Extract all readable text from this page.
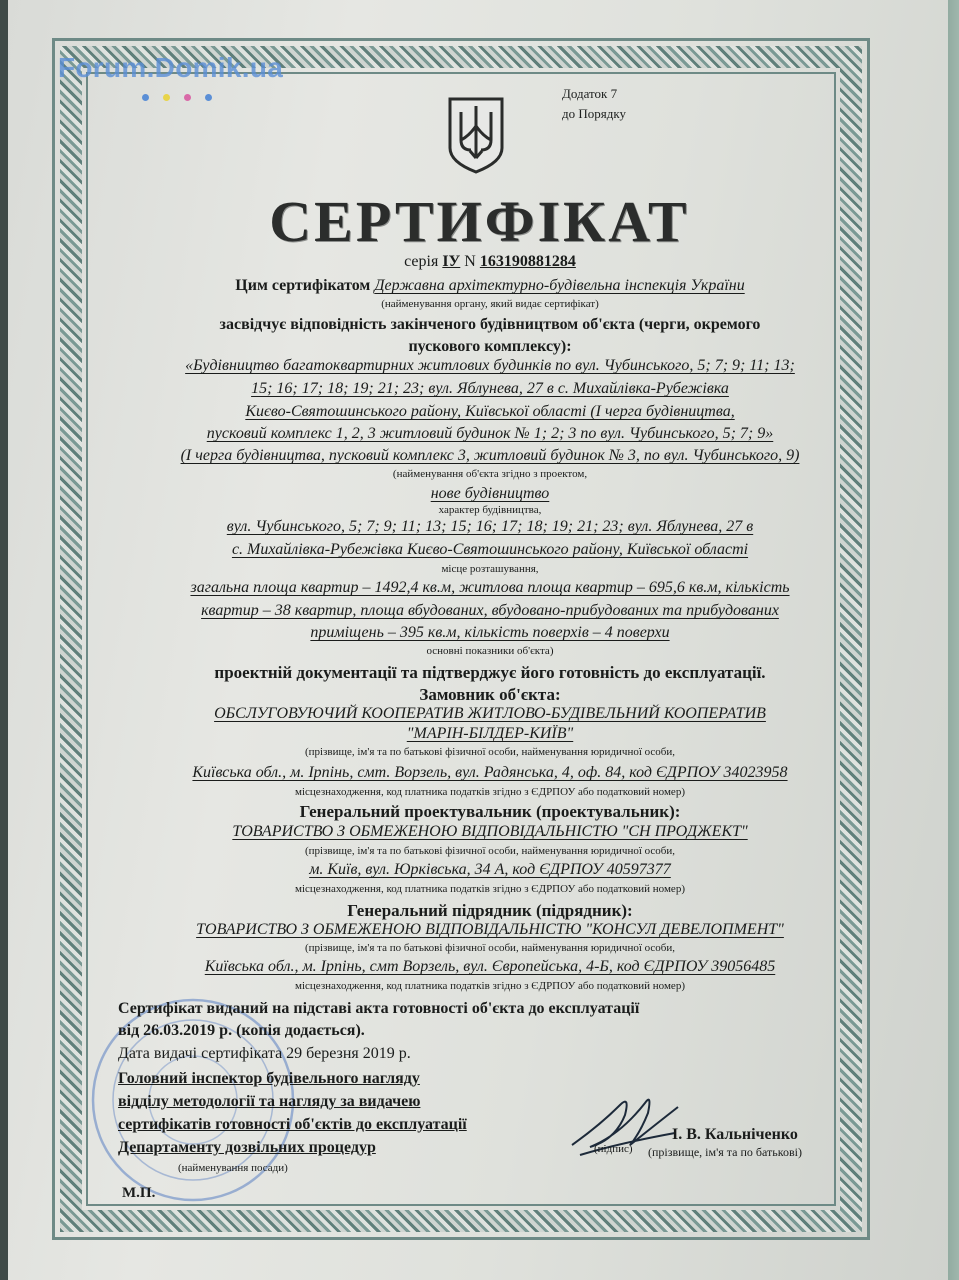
Forum.Domik.ua
Додаток 7
до Порядку
СЕРТИФІКАТ
серія ІУ N 163190881284
Цим сертифікатом Державна архітектурно-будівельна інспекція України
(найменування органу, який видає сертифікат)
засвідчує відповідність закінченого будівництвом об'єкта (черги, окремого
пускового комплексу):
«Будівництво багатоквартирних житлових будинків по вул. Чубинського, 5; 7; 9; 11; 13;
15; 16; 17; 18; 19; 21; 23; вул. Яблунева, 27 в с. Михайлівка-Рубежівка
Києво-Святошинського району, Київської області (І черга будівництва,
пусковий комплекс 1, 2, 3 житловий будинок № 1; 2; 3 по вул. Чубинського, 5; 7; 9»
(І черга будівництва, пусковий комплекс 3, житловий будинок № 3, по вул. Чубинського, 9)
(найменування об'єкта згідно з проектом,
нове будівництво
характер будівництва,
вул. Чубинського, 5; 7; 9; 11; 13; 15; 16; 17; 18; 19; 21; 23; вул. Яблунева, 27 в
с. Михайлівка-Рубежівка Києво-Святошинського району, Київської області
місце розташування,
загальна площа квартир – 1492,4 кв.м, житлова площа квартир – 695,6 кв.м, кількість
квартир – 38 квартир, площа вбудованих, вбудовано-прибудованих та прибудованих
приміщень – 395 кв.м, кількість поверхів – 4 поверхи
основні показники об'єкта)
проектній документації та підтверджує його готовність до експлуатації.
Замовник об'єкта:
ОБСЛУГОВУЮЧИЙ КООПЕРАТИВ ЖИТЛОВО-БУДІВЕЛЬНИЙ КООПЕРАТИВ
"МАРІН-БІЛДЕР-КИЇВ"
(прізвище, ім'я та по батькові фізичної особи, найменування юридичної особи,
Київська обл., м. Ірпінь, смт. Ворзель, вул. Радянська, 4, оф. 84, код ЄДРПОУ 34023958
місцезнаходження, код платника податків згідно з ЄДРПОУ або податковий номер)
Генеральний проектувальник (проектувальник):
ТОВАРИСТВО З ОБМЕЖЕНОЮ ВІДПОВІДАЛЬНІСТЮ "СН ПРОДЖЕКТ"
(прізвище, ім'я та по батькові фізичної особи, найменування юридичної особи,
м. Київ, вул. Юрківська, 34 А, код ЄДРПОУ 40597377
місцезнаходження, код платника податків згідно з ЄДРПОУ або податковий номер)
Генеральний підрядник (підрядник):
ТОВАРИСТВО З ОБМЕЖЕНОЮ ВІДПОВІДАЛЬНІСТЮ "КОНСУЛ ДЕВЕЛОПМЕНТ"
(прізвище, ім'я та по батькові фізичної особи, найменування юридичної особи,
Київська обл., м. Ірпінь, смт Ворзель, вул. Європейська, 4-Б, код ЄДРПОУ 39056485
місцезнаходження, код платника податків згідно з ЄДРПОУ або податковий номер)
Сертифікат виданий на підставі акта готовності об'єкта до експлуатації
від 26.03.2019 р. (копія додається).
Дата видачі сертифіката 29 березня 2019 р.
Головний інспектор будівельного нагляду
відділу методології та нагляду за видачею
сертифікатів готовності об'єктів до експлуатації
Департаменту дозвільних процедур
(найменування посади)
(підпис)
І. В. Кальніченко
(прізвище, ім'я та по батькові)
М.П.
